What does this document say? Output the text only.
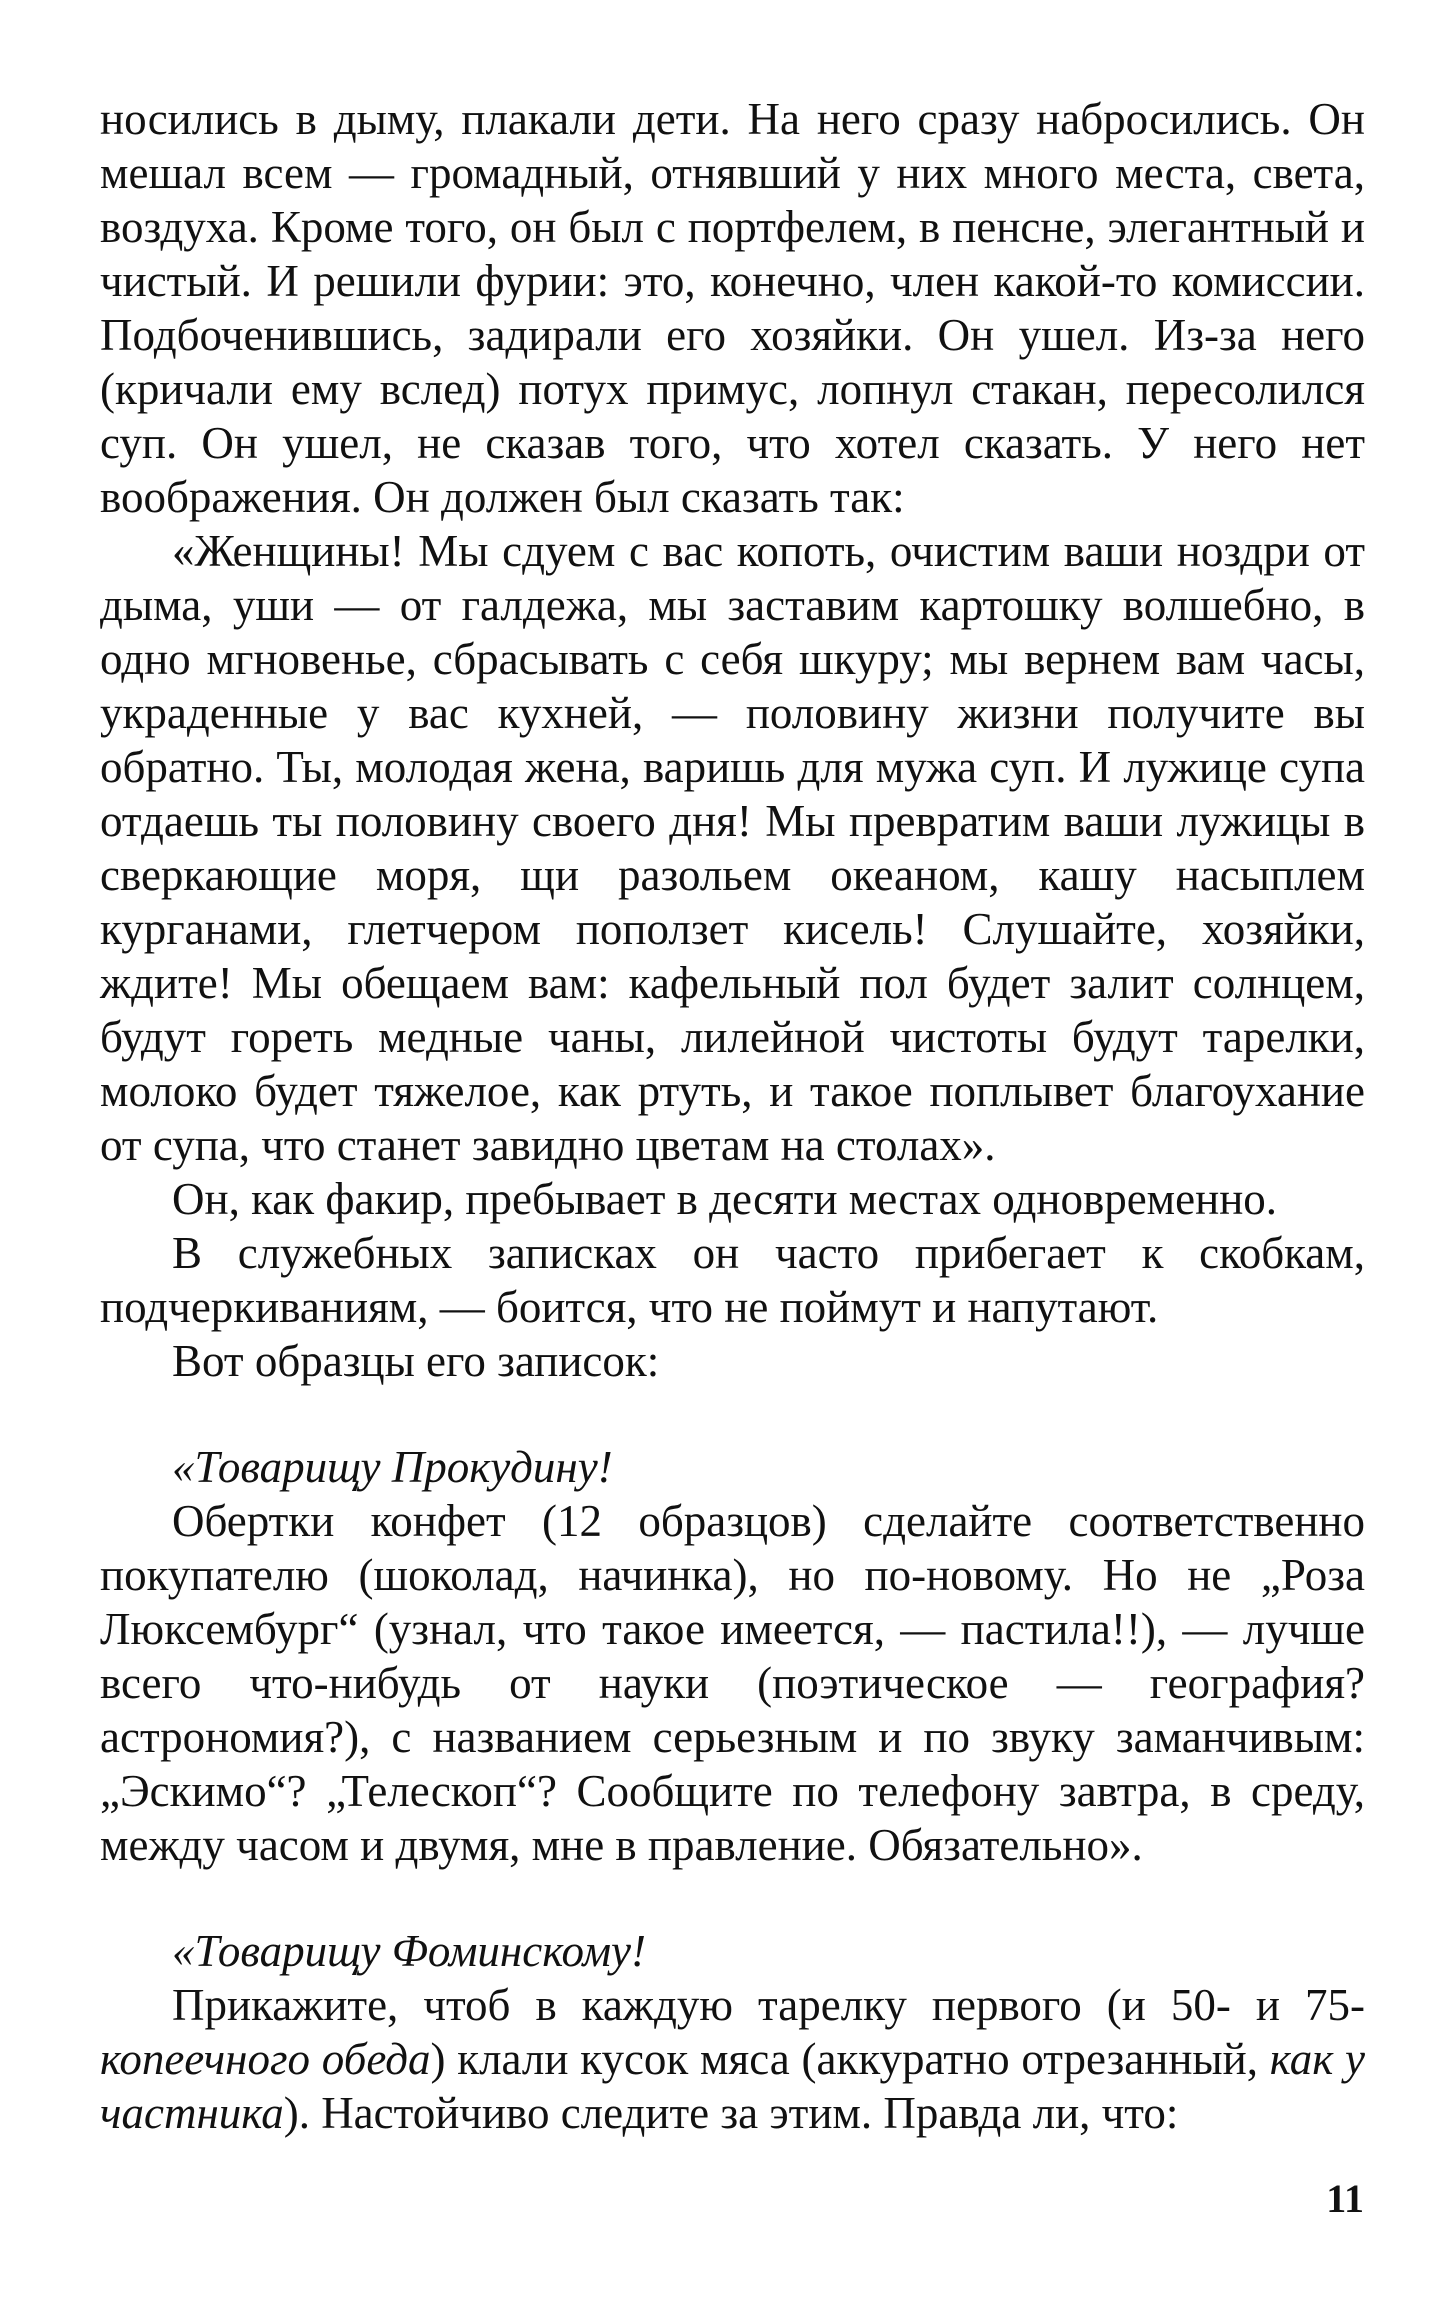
носились в дыму, плакали дети. На него сразу набросились. Он мешал всем — громадный, отнявший у них много места, света, воздуха. Кроме того, он был с портфелем, в пенсне, элегантный и чистый. И решили фурии: это, конечно, член какой-то комиссии. Подбоченившись, задирали его хозяйки. Он ушел. Из-за него (кричали ему вслед) потух примус, лопнул стакан, пересолился суп. Он ушел, не сказав того, что хотел сказать. У него нет воображения. Он должен был сказать так:

«Женщины! Мы сдуем с вас копоть, очистим ваши ноздри от дыма, уши — от галдежа, мы заставим картошку волшебно, в одно мгновенье, сбрасывать с себя шкуру; мы вернем вам часы, украденные у вас кухней, — половину жизни получите вы обратно. Ты, молодая жена, варишь для мужа суп. И лужице супа отдаешь ты половину своего дня! Мы превратим ваши лужицы в сверкающие моря, щи разольем океаном, кашу насыплем курганами, глетчером поползет кисель! Слушайте, хозяйки, ждите! Мы обещаем вам: кафельный пол будет залит солнцем, будут гореть медные чаны, лилейной чистоты будут тарелки, молоко будет тяжелое, как ртуть, и такое поплывет благоухание от супа, что станет завидно цветам на столах».

Он, как факир, пребывает в десяти местах одновременно.

В служебных записках он часто прибегает к скобкам, подчеркиваниям, — боится, что не поймут и напутают.

Вот образцы его записок:

«Товарищу Прокудину!

Обертки конфет (12 образцов) сделайте соответственно покупателю (шоколад, начинка), но по-новому. Но не „Роза Люксембург“ (узнал, что такое имеется, — пастила!!), — лучше всего что-нибудь от науки (поэтическое — география? астрономия?), с названием серьезным и по звуку заманчивым: „Эскимо“? „Телескоп“? Сообщите по телефону завтра, в среду, между часом и двумя, мне в правление. Обязательно».

«Товарищу Фоминскому!

Прикажите, чтоб в каждую тарелку первого (и 50- и 75-копеечного обеда) клали кусок мяса (аккуратно отрезанный, как у частника). Настойчиво следите за этим. Правда ли, что:

11
